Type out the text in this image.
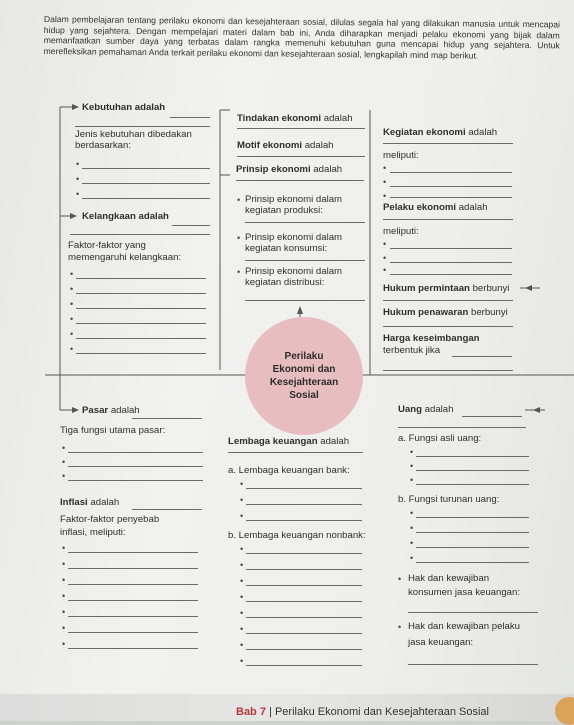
Dalam pembelajaran tentang perilaku ekonomi dan kesejahteraan sosial, dilulas segala hal yang dilakukan manusia untuk mencapai hidup yang sejahtera. Dengan mempelajari materi dalam bab ini, Anda diharapkan menjadi pelaku ekonomi yang bijak dalam memanfaatkan sumber daya yang terbatas dalam rangka memenuhi kebutuhan guna mencapai hidup yang sejahtera. Untuk merefleksikan pemahaman Anda terkait perilaku ekonomi dan kesejahteraan sosial, lengkapilah mind map berikut.
Kebutuhan adalah
Jenis kebutuhan dibedakan
berdasarkan:
•
•
•
Kelangkaan adalah
Faktor-faktor yang
memengaruhi kelangkaan:
•
•
•
•
•
•
Tindakan ekonomi adalah
Motif ekonomi adalah
Prinsip ekonomi adalah
• Prinsip ekonomi dalam
kegiatan produksi:
• Prinsip ekonomi dalam
kegiatan konsumsi:
• Prinsip ekonomi dalam
kegiatan distribusi:
Kegiatan ekonomi adalah
meliputi:
•
•
•
Pelaku ekonomi adalah
meliputi:
•
•
•
Hukum permintaan berbunyi
Hukum penawaran berbunyi
Harga keseimbangan
terbentuk jika
Perilaku
Ekonomi dan
Kesejahteraan
Sosial
Pasar adalah
Tiga fungsi utama pasar:
•
•
•
Inflasi adalah
Faktor-faktor penyebab
inflasi, meliputi:
•
•
•
•
•
•
•
Lembaga keuangan adalah
a. Lembaga keuangan bank:
•
•
•
b. Lembaga keuangan nonbank:
•
•
•
•
•
•
•
•
Uang adalah
a. Fungsi asli uang:
•
•
•
b. Fungsi turunan uang:
•
•
•
•
• Hak dan kewajiban
konsumen jasa keuangan:
• Hak dan kewajiban pelaku
jasa keuangan:
Bab 7 | Perilaku Ekonomi dan Kesejahteraan Sosial
